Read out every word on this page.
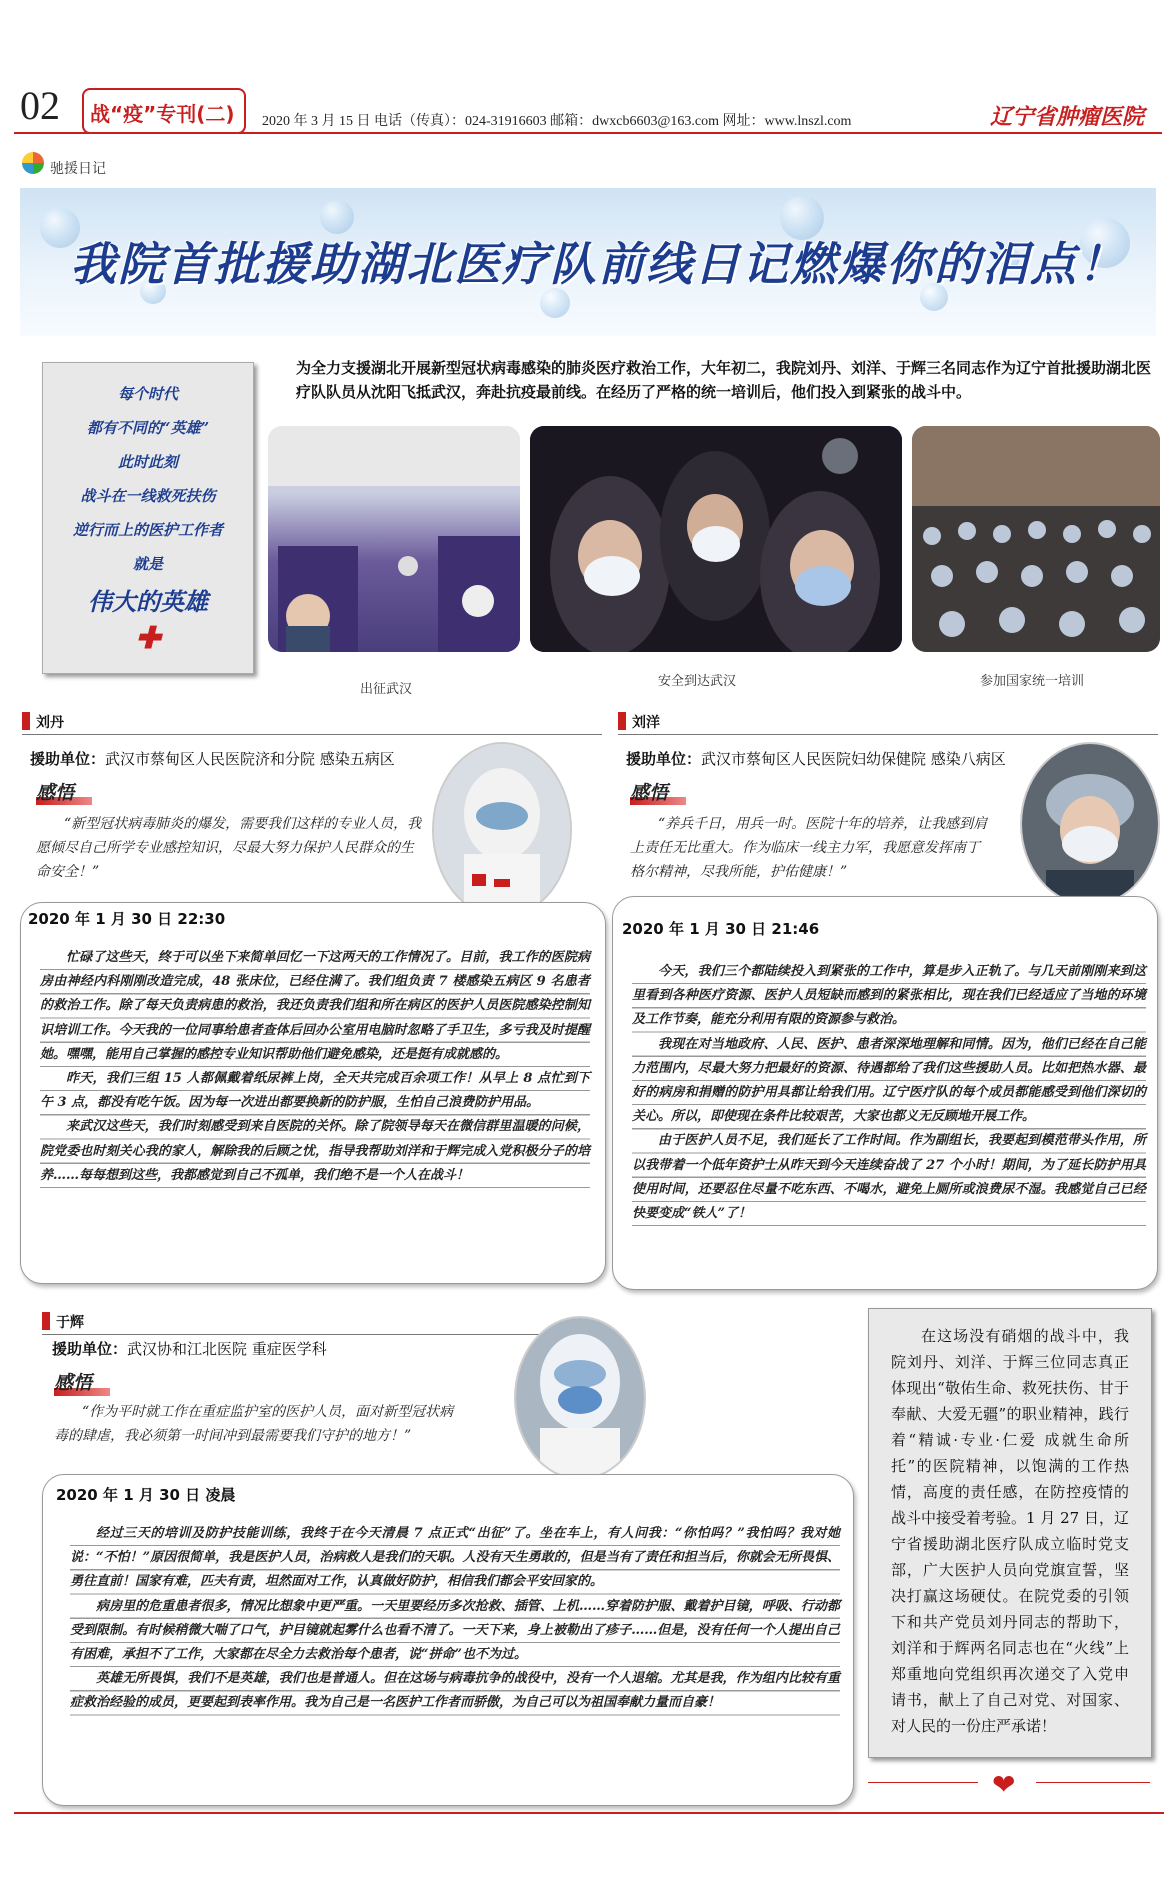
02 战“疫”专刊(二) 2020 年 3 月 15 日 电话（传真）：024-31916603 邮箱：dwxcb6603@163.com 网址：www.lnszl.com	辽宁省肿瘤医院
驰援日记
我院首批援助湖北医疗队前线日记燃爆你的泪点！
每个时代
都有不同的“英雄”
此时此刻
战斗在一线救死扶伤
逆行而上的医护工作者
就是
伟大的英雄
✚
为全力支援湖北开展新型冠状病毒感染的肺炎医疗救治工作，大年初二，我院刘丹、刘洋、于辉三名同志作为辽宁首批援助湖北医疗队队员从沈阳飞抵武汉，奔赴抗疫最前线。在经历了严格的统一培训后，他们投入到紧张的战斗中。
出征武汉
安全到达武汉	参加国家统一培训
刘丹
援助单位：武汉市蔡甸区人民医院济和分院 感染五病区
感悟
“新型冠状病毒肺炎的爆发，需要我们这样的专业人员，我愿倾尽自己所学专业感控知识，尽最大努力保护人民群众的生命安全！”
2020 年 1 月 30 日 22:30

忙碌了这些天，终于可以坐下来简单回忆一下这两天的工作情况了。目前，我工作的医院病房由神经内科刚刚改造完成，48 张床位，已经住满了。我们组负责 7 楼感染五病区 9 名患者的救治工作。除了每天负责病患的救治，我还负责我们组和所在病区的医护人员医院感染控制知识培训工作。今天我的一位同事给患者查体后回办公室用电脑时忽略了手卫生，多亏我及时提醒她。嘿嘿，能用自己掌握的感控专业知识帮助他们避免感染，还是挺有成就感的。

昨天，我们三组 15 人都佩戴着纸尿裤上岗，全天共完成百余项工作！从早上 8 点忙到下午 3 点，都没有吃午饭。因为每一次进出都要换新的防护服，生怕自己浪费防护用品。

来武汉这些天，我们时刻感受到来自医院的关怀。除了院领导每天在微信群里温暖的问候，院党委也时刻关心我的家人，解除我的后顾之忧，指导我帮助刘洋和于辉完成入党积极分子的培养……每每想到这些，我都感觉到自己不孤单，我们绝不是一个人在战斗！

刘洋
援助单位：武汉市蔡甸区人民医院妇幼保健院 感染八病区
感悟
“养兵千日，用兵一时。医院十年的培养，让我感到肩上责任无比重大。作为临床一线主力军，我愿意发挥南丁格尔精神，尽我所能，护佑健康！”
2020 年 1 月 30 日 21:46

今天，我们三个都陆续投入到紧张的工作中，算是步入正轨了。与几天前刚刚来到这里看到各种医疗资源、医护人员短缺而感到的紧张相比，现在我们已经适应了当地的环境及工作节奏，能充分利用有限的资源参与救治。

我现在对当地政府、人民、医护、患者深深地理解和同情。因为，他们已经在自己能力范围内，尽最大努力把最好的资源、待遇都给了我们这些援助人员。比如把热水器、最好的病房和捐赠的防护用具都让给我们用。辽宁医疗队的每个成员都能感受到他们深切的关心。所以，即使现在条件比较艰苦，大家也都义无反顾地开展工作。

由于医护人员不足，我们延长了工作时间。作为副组长，我要起到模范带头作用，所以我带着一个低年资护士从昨天到今天连续奋战了 27 个小时！期间，为了延长防护用具使用时间，还要忍住尽量不吃东西、不喝水，避免上厕所或浪费尿不湿。我感觉自己已经快要变成“铁人”了！

于辉
援助单位：武汉协和江北医院 重症医学科
感悟
“作为平时就工作在重症监护室的医护人员，面对新型冠状病毒的肆虐，我必须第一时间冲到最需要我们守护的地方！”
2020 年 1 月 30 日 凌晨

经过三天的培训及防护技能训练，我终于在今天清晨 7 点正式“出征”了。坐在车上，有人问我：“你怕吗？”我怕吗？我对她说：“不怕！”原因很简单，我是医护人员，治病救人是我们的天职。人没有天生勇敢的，但是当有了责任和担当后，你就会无所畏惧、勇往直前！国家有难，匹夫有责，坦然面对工作，认真做好防护，相信我们都会平安回家的。

病房里的危重患者很多，情况比想象中更严重。一天里要经历多次抢救、插管、上机……穿着防护服、戴着护目镜，呼吸、行动都受到限制。有时候稍微大喘了口气，护目镜就起雾什么也看不清了。一天下来，身上被勒出了疹子……但是，没有任何一个人提出自己有困难，承担不了工作，大家都在尽全力去救治每个患者，说“拼命”也不为过。

英雄无所畏惧，我们不是英雄，我们也是普通人。但在这场与病毒抗争的战役中，没有一个人退缩。尤其是我，作为组内比较有重症救治经验的成员，更要起到表率作用。我为自己是一名医护工作者而骄傲，为自己可以为祖国奉献力量而自豪！

在这场没有硝烟的战斗中，我院刘丹、刘洋、于辉三位同志真正体现出“敬佑生命、救死扶伤、甘于奉献、大爱无疆”的职业精神，践行着“精诚·专业·仁爱 成就生命所托”的医院精神，以饱满的工作热情，高度的责任感，在防控疫情的战斗中接受着考验。1 月 27 日，辽宁省援助湖北医疗队成立临时党支部，广大医护人员向党旗宣誓，坚决打赢这场硬仗。在院党委的引领下和共产党员刘丹同志的帮助下，刘洋和于辉两名同志也在“火线”上郑重地向党组织再次递交了入党申请书，献上了自己对党、对国家、对人民的一份庄严承诺！
❤
